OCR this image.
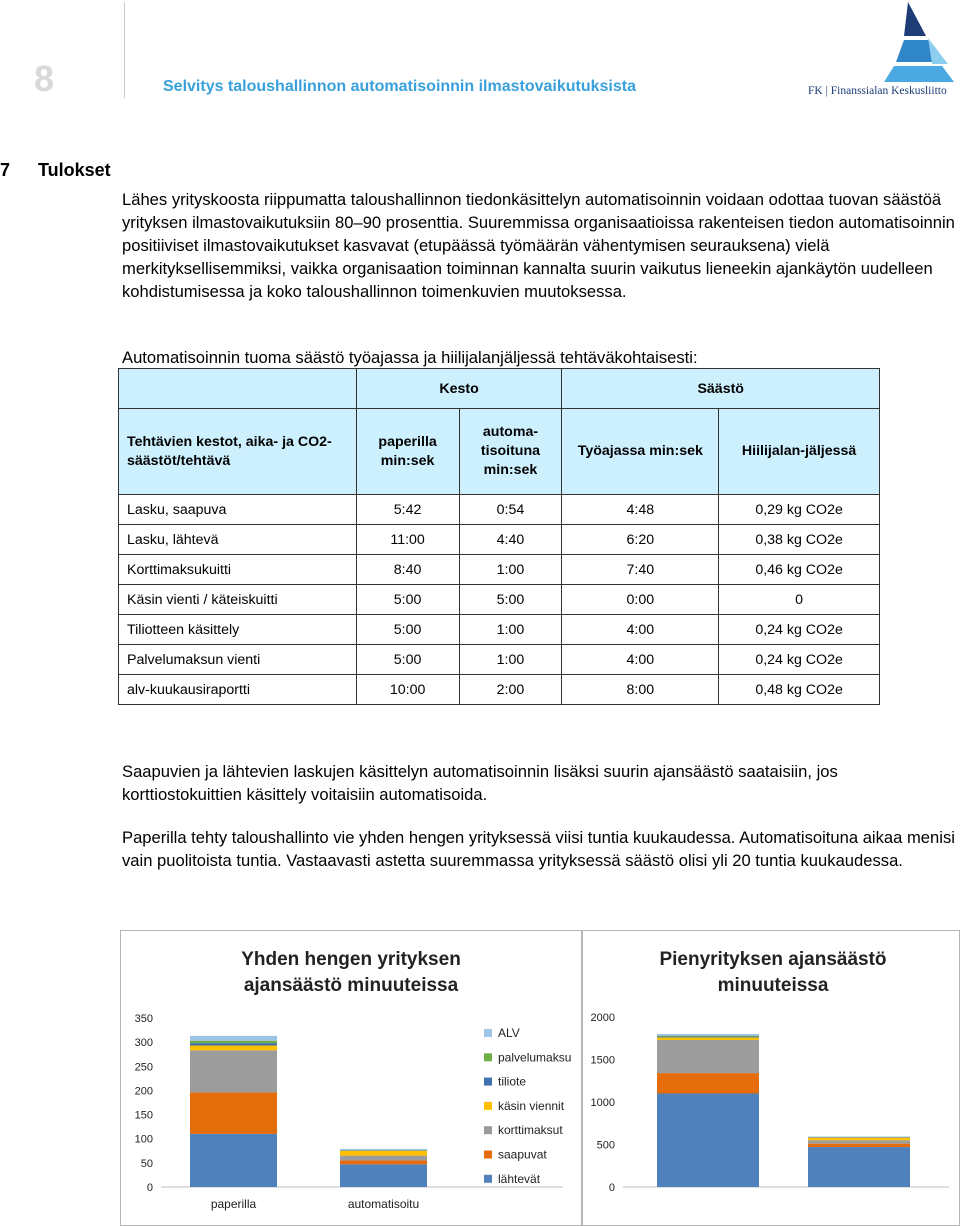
8	Selvitys taloushallinnon automatisoinnin ilmastovaikutuksista	FK | Finanssialan Keskusliitto
7 Tulokset

Lähes yrityskoosta riippumatta taloushallinnon tiedonkäsittelyn automatisoinnin voidaan odottaa tuovan säästöä yrityksen ilmastovaikutuksiin 80–90 prosenttia. Suuremmissa organisaatioissa rakenteisen tiedon automatisoinnin positiiviset ilmastovaikutukset kasvavat (etupäässä työmäärän vähentymisen seurauksena) vielä merkityksellisemmiksi, vaikka organisaation toiminnan kannalta suurin vaikutus lieneekin ajankäytön uudelleen kohdistumisessa ja koko taloushallinnon toimenkuvien muutoksessa.

Automatisoinnin tuoma säästö työajassa ja hiilijalanjäljessä tehtäväkohtaisesti:

	Kesto		Säästö	
Tehtävien kestot, aika- ja CO2-säästöt/tehtävä	paperilla min:sek	automa-tisoituna min:sek	Työajassa min:sek	Hiilijalan-jäljessä
Lasku, saapuva	5:42	0:54	4:48	0,29 kg CO2e
Lasku, lähtevä	11:00	4:40	6:20	0,38 kg CO2e
Korttimaksukuitti	8:40	1:00	7:40	0,46 kg CO2e
Käsin vienti / käteiskuitti	5:00	5:00	0:00	0
Tiliotteen käsittely	5:00	1:00	4:00	0,24 kg CO2e
Palvelumaksun vienti	5:00	1:00	4:00	0,24 kg CO2e
alv-kuukausiraportti	10:00	2:00	8:00	0,48 kg CO2e

Saapuvien ja lähtevien laskujen käsittelyn automatisoinnin lisäksi suurin ajansäästö saataisiin, jos korttiostokuittien käsittely voitaisiin automatisoida.

Paperilla tehty taloushallinto vie yhden hengen yrityksessä viisi tuntia kuukaudessa. Automatisoituna aikaa menisi vain puolitoista tuntia. Vastaavasti astetta suuremmassa yrityksessä säästö olisi yli 20 tuntia kuukaudessa.

Yhden hengen yrityksen
ajansäästö minuuteissa
0
50
100
150
200
250
300
350
paperilla	automatisoitu
ALV
palvelumaksu
tiliote
käsin viennit
korttimaksut
saapuvat
lähtevät
Pienyrityksen ajansäästö
minuuteissa
0
500
1000
1500
2000
